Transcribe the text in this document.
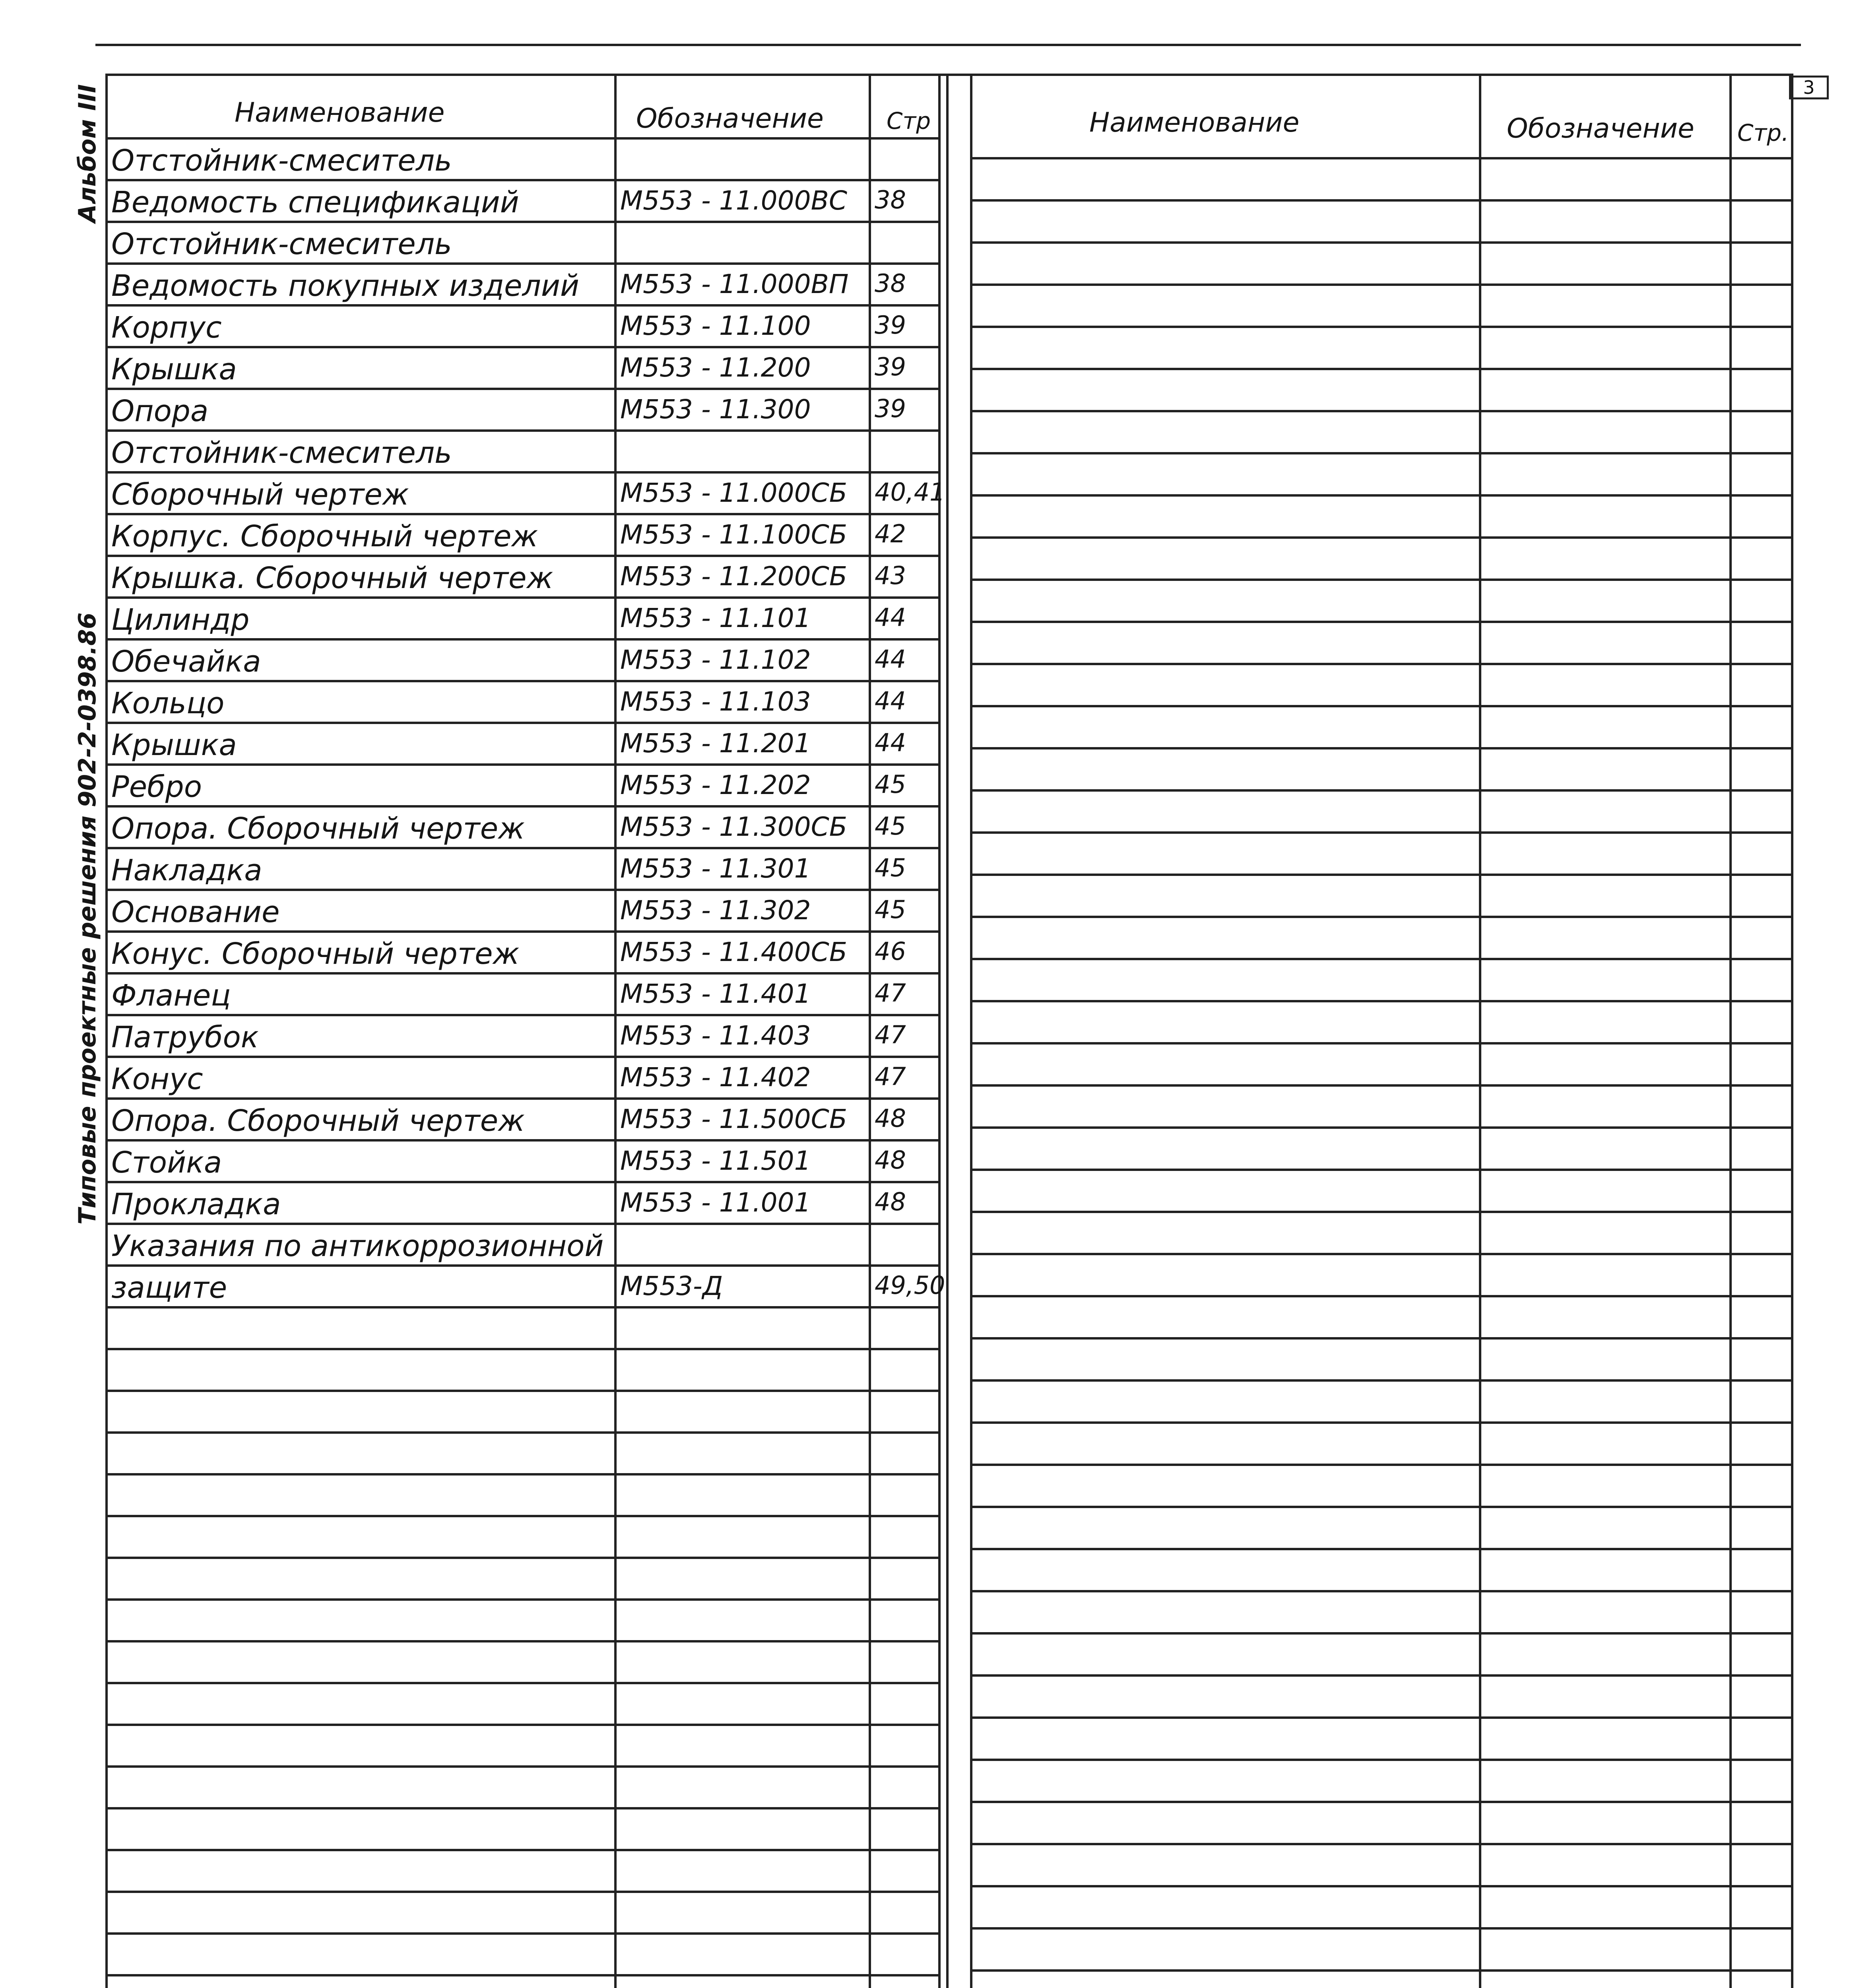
3
Альбом III
Типовые проектные решения 902-2-0398.86
Наименование	Обозначение	Стр	Наименование	Обозначение Стр.
Отстойник-смеситель
Ведомость спецификаций	М553 - 11.000ВС 38
Отстойник-смеситель
Ведомость покупных изделий М553 - 11.000ВП 38
Корпус	М553 - 11.100	39
Крышка	М553 - 11.200	39
Опора	М553 - 11.300	39
Отстойник-смеситель
Сборочный чертеж	М553 - 11.000СБ 40,41
Корпус. Сборочный чертеж	М553 - 11.100СБ 42
Крышка. Сборочный чертеж	М553 - 11.200СБ 43
Цилиндр	М553 - 11.101	44
Обечайка	М553 - 11.102	44
Кольцо	М553 - 11.103	44
Крышка	М553 - 11.201	44
Ребро	М553 - 11.202	45
Опора. Сборочный чертеж	М553 - 11.300СБ 45
Накладка	М553 - 11.301	45
Основание	М553 - 11.302	45
Конус. Сборочный чертеж	М553 - 11.400СБ 46
Фланец	М553 - 11.401	47
Патрубок	М553 - 11.403	47
Конус	М553 - 11.402	47
Опора. Сборочный чертеж	М553 - 11.500СБ 48
Стойка	М553 - 11.501	48
Прокладка	М553 - 11.001	48
Указания по антикоррозионной
защите	М553-Д	49,50
